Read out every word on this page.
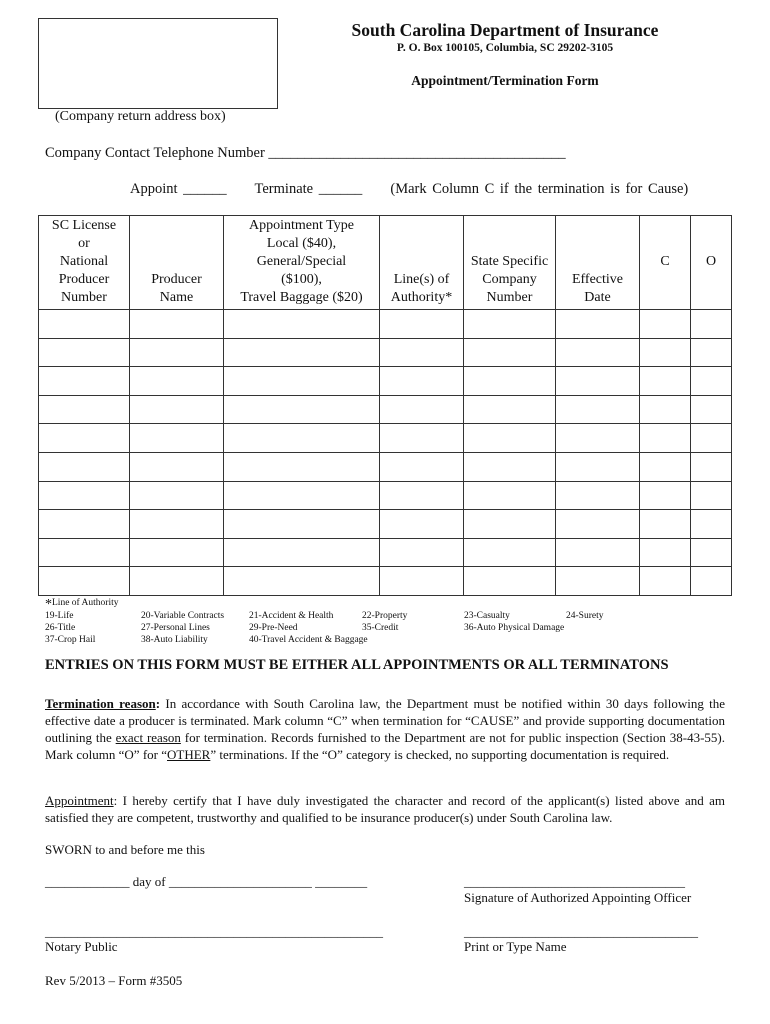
(Company return address box)
South Carolina Department of Insurance
P. O. Box 100105, Columbia, SC 29202-3105
Appointment/Termination Form
Company Contact Telephone Number _________________________________________
Appoint ______ Terminate ______ (Mark Column C if the termination is for Cause)
SC License
or
National
Producer
Number	Producer
Name	Appointment Type
Local ($40),
General/Special
($100),
Travel Baggage ($20)	Line(s) of
Authority*	State Specific
Company
Number	Effective
Date	C	O

*Line of Authority
19-Life	20-Variable Contracts	21-Accident & Health	22-Property	23-Casualty	24-Surety
26-Title	27-Personal Lines	29-Pre-Need	35-Credit	36-Auto Physical Damage
37-Crop Hail	38-Auto Liability	40-Travel Accident & Baggage
ENTRIES ON THIS FORM MUST BE EITHER ALL APPOINTMENTS OR ALL TERMINATONS
Termination reason: In accordance with South Carolina law, the Department must be notified within 30 days following the effective date a producer is terminated. Mark column “C” when termination for “CAUSE” and provide supporting documentation outlining the exact reason for termination. Records furnished to the Department are not for public inspection (Section 38-43-55). Mark column “O” for “OTHER” terminations. If the “O” category is checked, no supporting documentation is required.
Appointment: I hereby certify that I have duly investigated the character and record of the applicant(s) listed above and am satisfied they are competent, trustworthy and qualified to be insurance producer(s) under South Carolina law.
SWORN to and before me this
_____________ day of ______________________ ________	__________________________________
Signature of Authorized Appointing Officer
____________________________________________________
Notary Public
____________________________________
Print or Type Name
Rev 5/2013 – Form #3505
